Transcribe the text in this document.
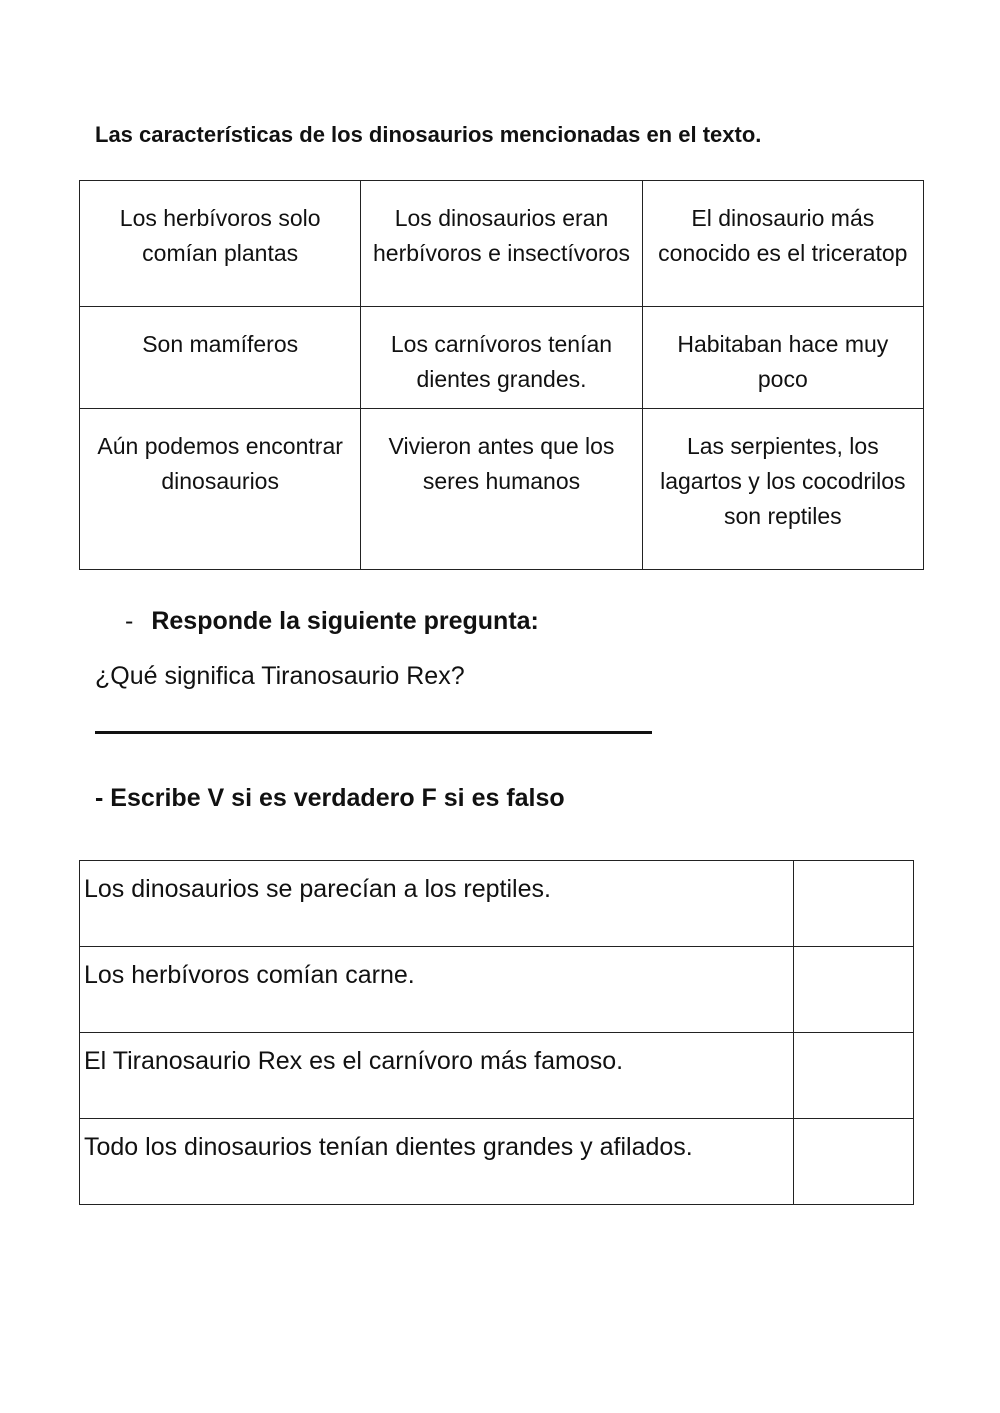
Las características de los dinosaurios mencionadas en el texto.
Los herbívoros solo comían plantas	Los dinosaurios eran herbívoros e insectívoros	El dinosaurio más conocido es el triceratop
Son mamíferos	Los carnívoros tenían dientes grandes.	Habitaban hace muy poco
Aún podemos encontrar dinosaurios	Vivieron antes que los seres humanos	Las serpientes, los lagartos y los cocodrilos son reptiles
- Responde la siguiente pregunta:
¿Qué significa Tiranosaurio Rex?
- Escribe V si es verdadero F si es falso
Los dinosaurios se parecían a los reptiles.	
Los herbívoros comían carne.	
El Tiranosaurio Rex es el carnívoro más famoso.	
Todo los dinosaurios tenían dientes grandes y afilados.	
